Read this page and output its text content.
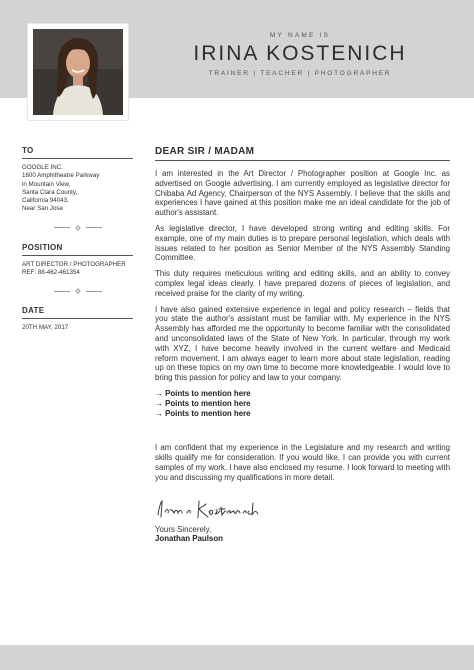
MY NAME IS
IRINA KOSTENICH
TRAINER | TEACHER | PHOTOGRAPHER
TO
GOOGLE INC.
1600 Amphitheatre Parkway
in Mountain View,
Santa Clara County,
California 94043,
Near San Jose
POSITION
ART DIRECTOR / PHOTOGRAPHER
REF: 88-462-461354
DATE
20TH MAY, 2017
DEAR SIR / MADAM

I am interested in the Art Director / Photographer position at Google Inc. as advertised on Google advertising. I am currently employed as legislative director for Chibaba Ad Agency, Chairperson of the NYS Assembly. I believe that the skills and experiences I have gained at this position make me an ideal candidate for the job of author's assistant.

As legislative director, I have developed strong writing and editing skills. For example, one of my main duties is to prepare personal legislation, which deals with issues related to her position as Senior Member of the NYS Assembly Standing Committee.

This duty requires meticulous writing and editing skills, and an ability to convey complex legal ideas clearly. I have prepared dozens of pieces of legislation, and received praise for the clarity of my writing.

I have also gained extensive experience in legal and policy research – fields that you state the author's assistant must be familiar with. My experience in the NYS Assembly has afforded me the opportunity to become familiar with the consolidated and unconsolidated laws of the State of New York. In particular, through my work with XYZ, I have become heavily involved in the current welfare and Medicaid reform movement. I am always eager to learn more about state legislation, reading up on these topics on my own time to become more knowledgeable. I would love to bring this passion for policy and law to your company.

→ Points to mention here
→ Points to mention here
→ Points to mention here

I am confident that my experience in the Legislature and my research and writing skills qualify me for consideration. If you would like, I can provide you with current samples of my work. I have also enclosed my resume. I look forward to meeting with you and discussing my qualifications in more detail.

Yours Sincerely,
Jonathan Paulson
